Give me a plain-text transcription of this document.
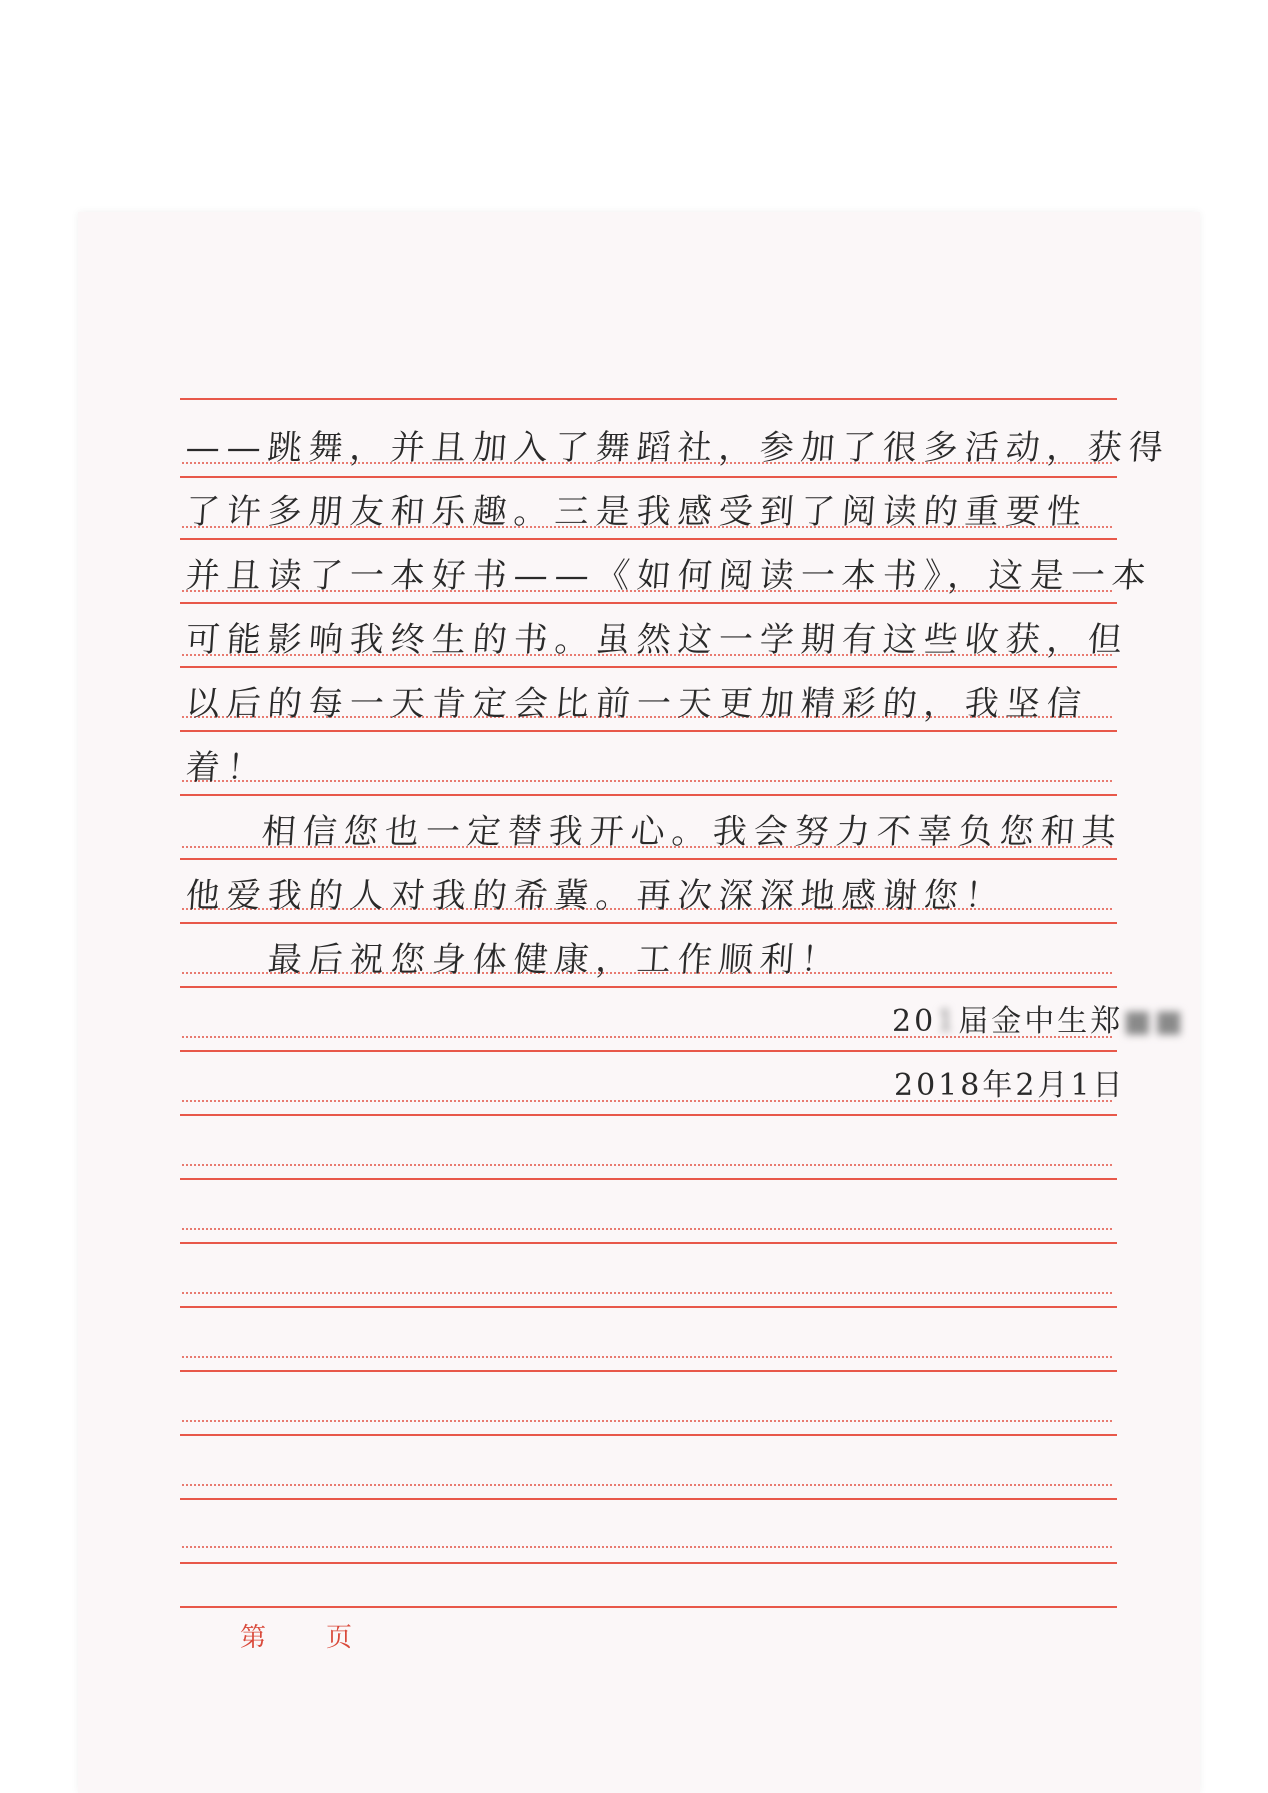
——跳舞，并且加入了舞蹈社，参加了很多活动，获得
了许多朋友和乐趣。三是我感受到了阅读的重要性
并且读了一本好书——《如何阅读一本书》，这是一本
可能影响我终生的书。虽然这一学期有这些收获，但
以后的每一天肯定会比前一天更加精彩的，我坚信
着！
相信您也一定替我开心。我会努力不辜负您和其
他爱我的人对我的希冀。再次深深地感谢您！
最后祝您身体健康，工作顺利！
201届金中生郑■■
2018年2月1日
第 页
